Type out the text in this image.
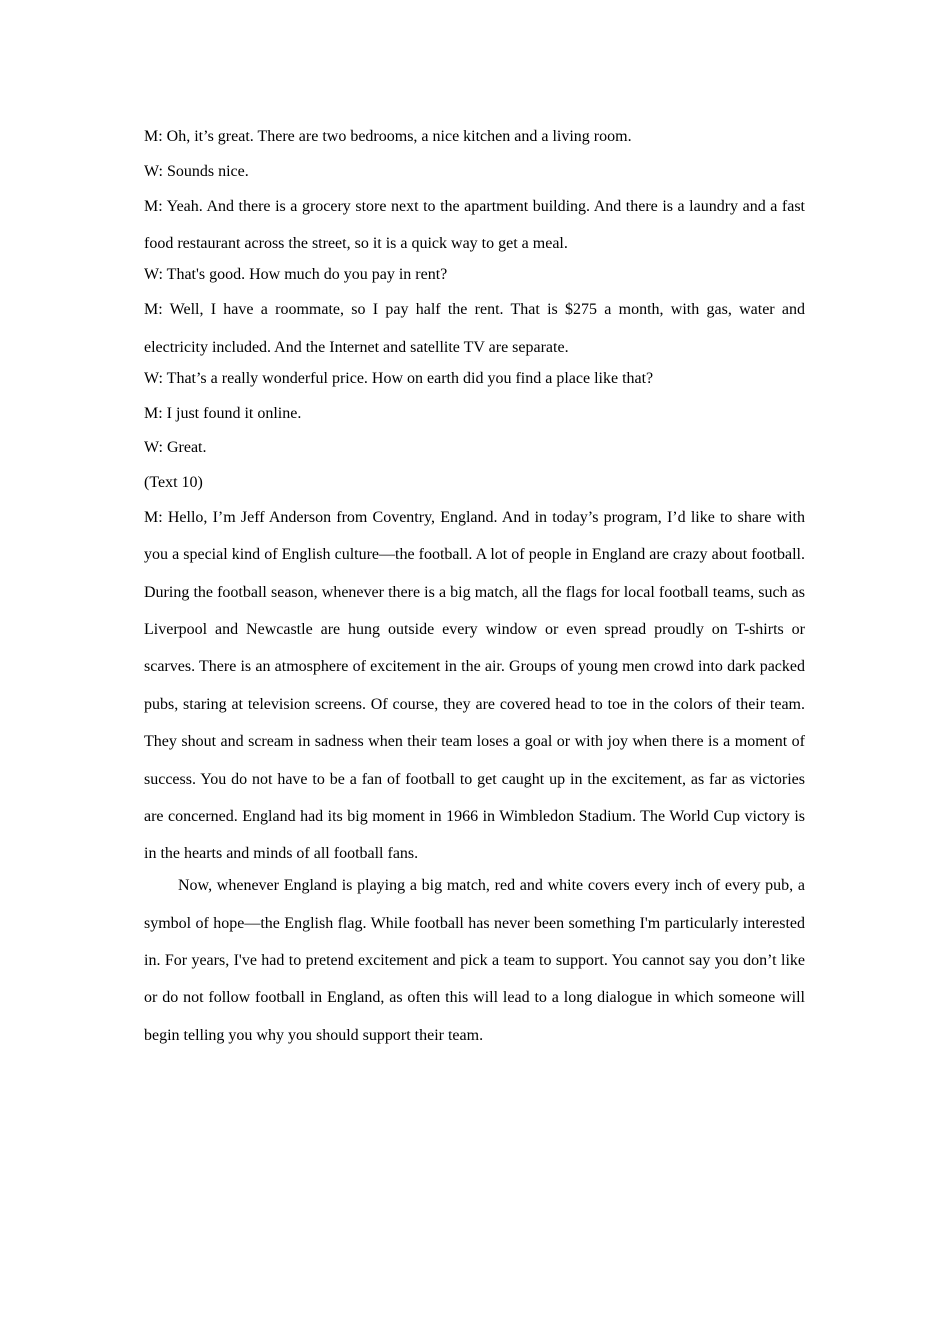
M: Oh, it’s great. There are two bedrooms, a nice kitchen and a living room.

W: Sounds nice.

M: Yeah. And there is a grocery store next to the apartment building. And there is a laundry and a fast food restaurant across the street, so it is a quick way to get a meal.

W: That's good. How much do you pay in rent?

M: Well, I have a roommate, so I pay half the rent. That is $275 a month, with gas, water and electricity included. And the Internet and satellite TV are separate.

W: That’s a really wonderful price. How on earth did you find a place like that?

M: I just found it online.

W: Great.

(Text 10)

M: Hello, I’m Jeff Anderson from Coventry, England. And in today’s program, I’d like to share with you a special kind of English culture—the football. A lot of people in England are crazy about football. During the football season, whenever there is a big match, all the flags for local football teams, such as Liverpool and Newcastle are hung outside every window or even spread proudly on T-shirts or scarves. There is an atmosphere of excitement in the air. Groups of young men crowd into dark packed pubs, staring at television screens. Of course, they are covered head to toe in the colors of their team. They shout and scream in sadness when their team loses a goal or with joy when there is a moment of success. You do not have to be a fan of football to get caught up in the excitement, as far as victories are concerned. England had its big moment in 1966 in Wimbledon Stadium. The World Cup victory is in the hearts and minds of all football fans.

Now, whenever England is playing a big match, red and white covers every inch of every pub, a symbol of hope—the English flag. While football has never been something I'm particularly interested in. For years, I've had to pretend excitement and pick a team to support. You cannot say you don’t like or do not follow football in England, as often this will lead to a long dialogue in which someone will begin telling you why you should support their team.
